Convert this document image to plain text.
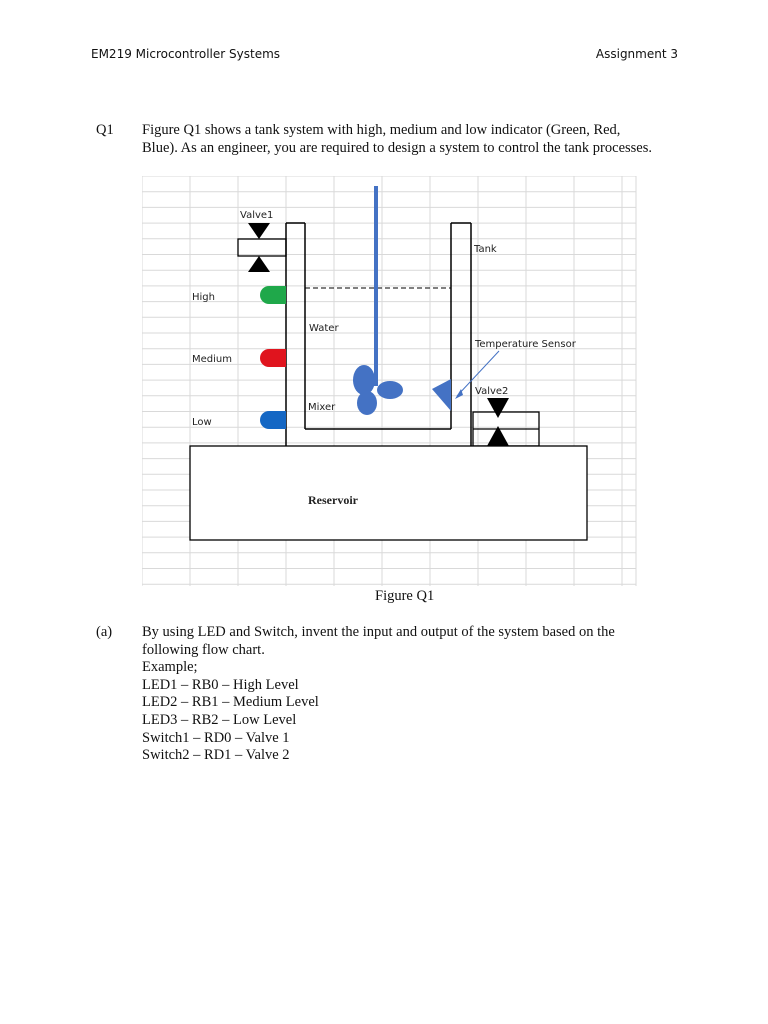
EM219 Microcontroller Systems	Assignment 3
Q1 Figure Q1 shows a tank system with high, medium and low indicator (Green, Red, Blue). As an engineer, you are required to design a system to control the tank processes.
Valve1
Tank
Water
Mixer
Temperature Sensor
Valve2
High
Medium
Low
Reservoir
Figure Q1
(a) By using LED and Switch, invent the input and output of the system based on the following flow chart.
Example;
LED1 – RB0 – High Level
LED2 – RB1 – Medium Level
LED3 – RB2 – Low Level
Switch1 – RD0 – Valve 1
Switch2 – RD1 – Valve 2
